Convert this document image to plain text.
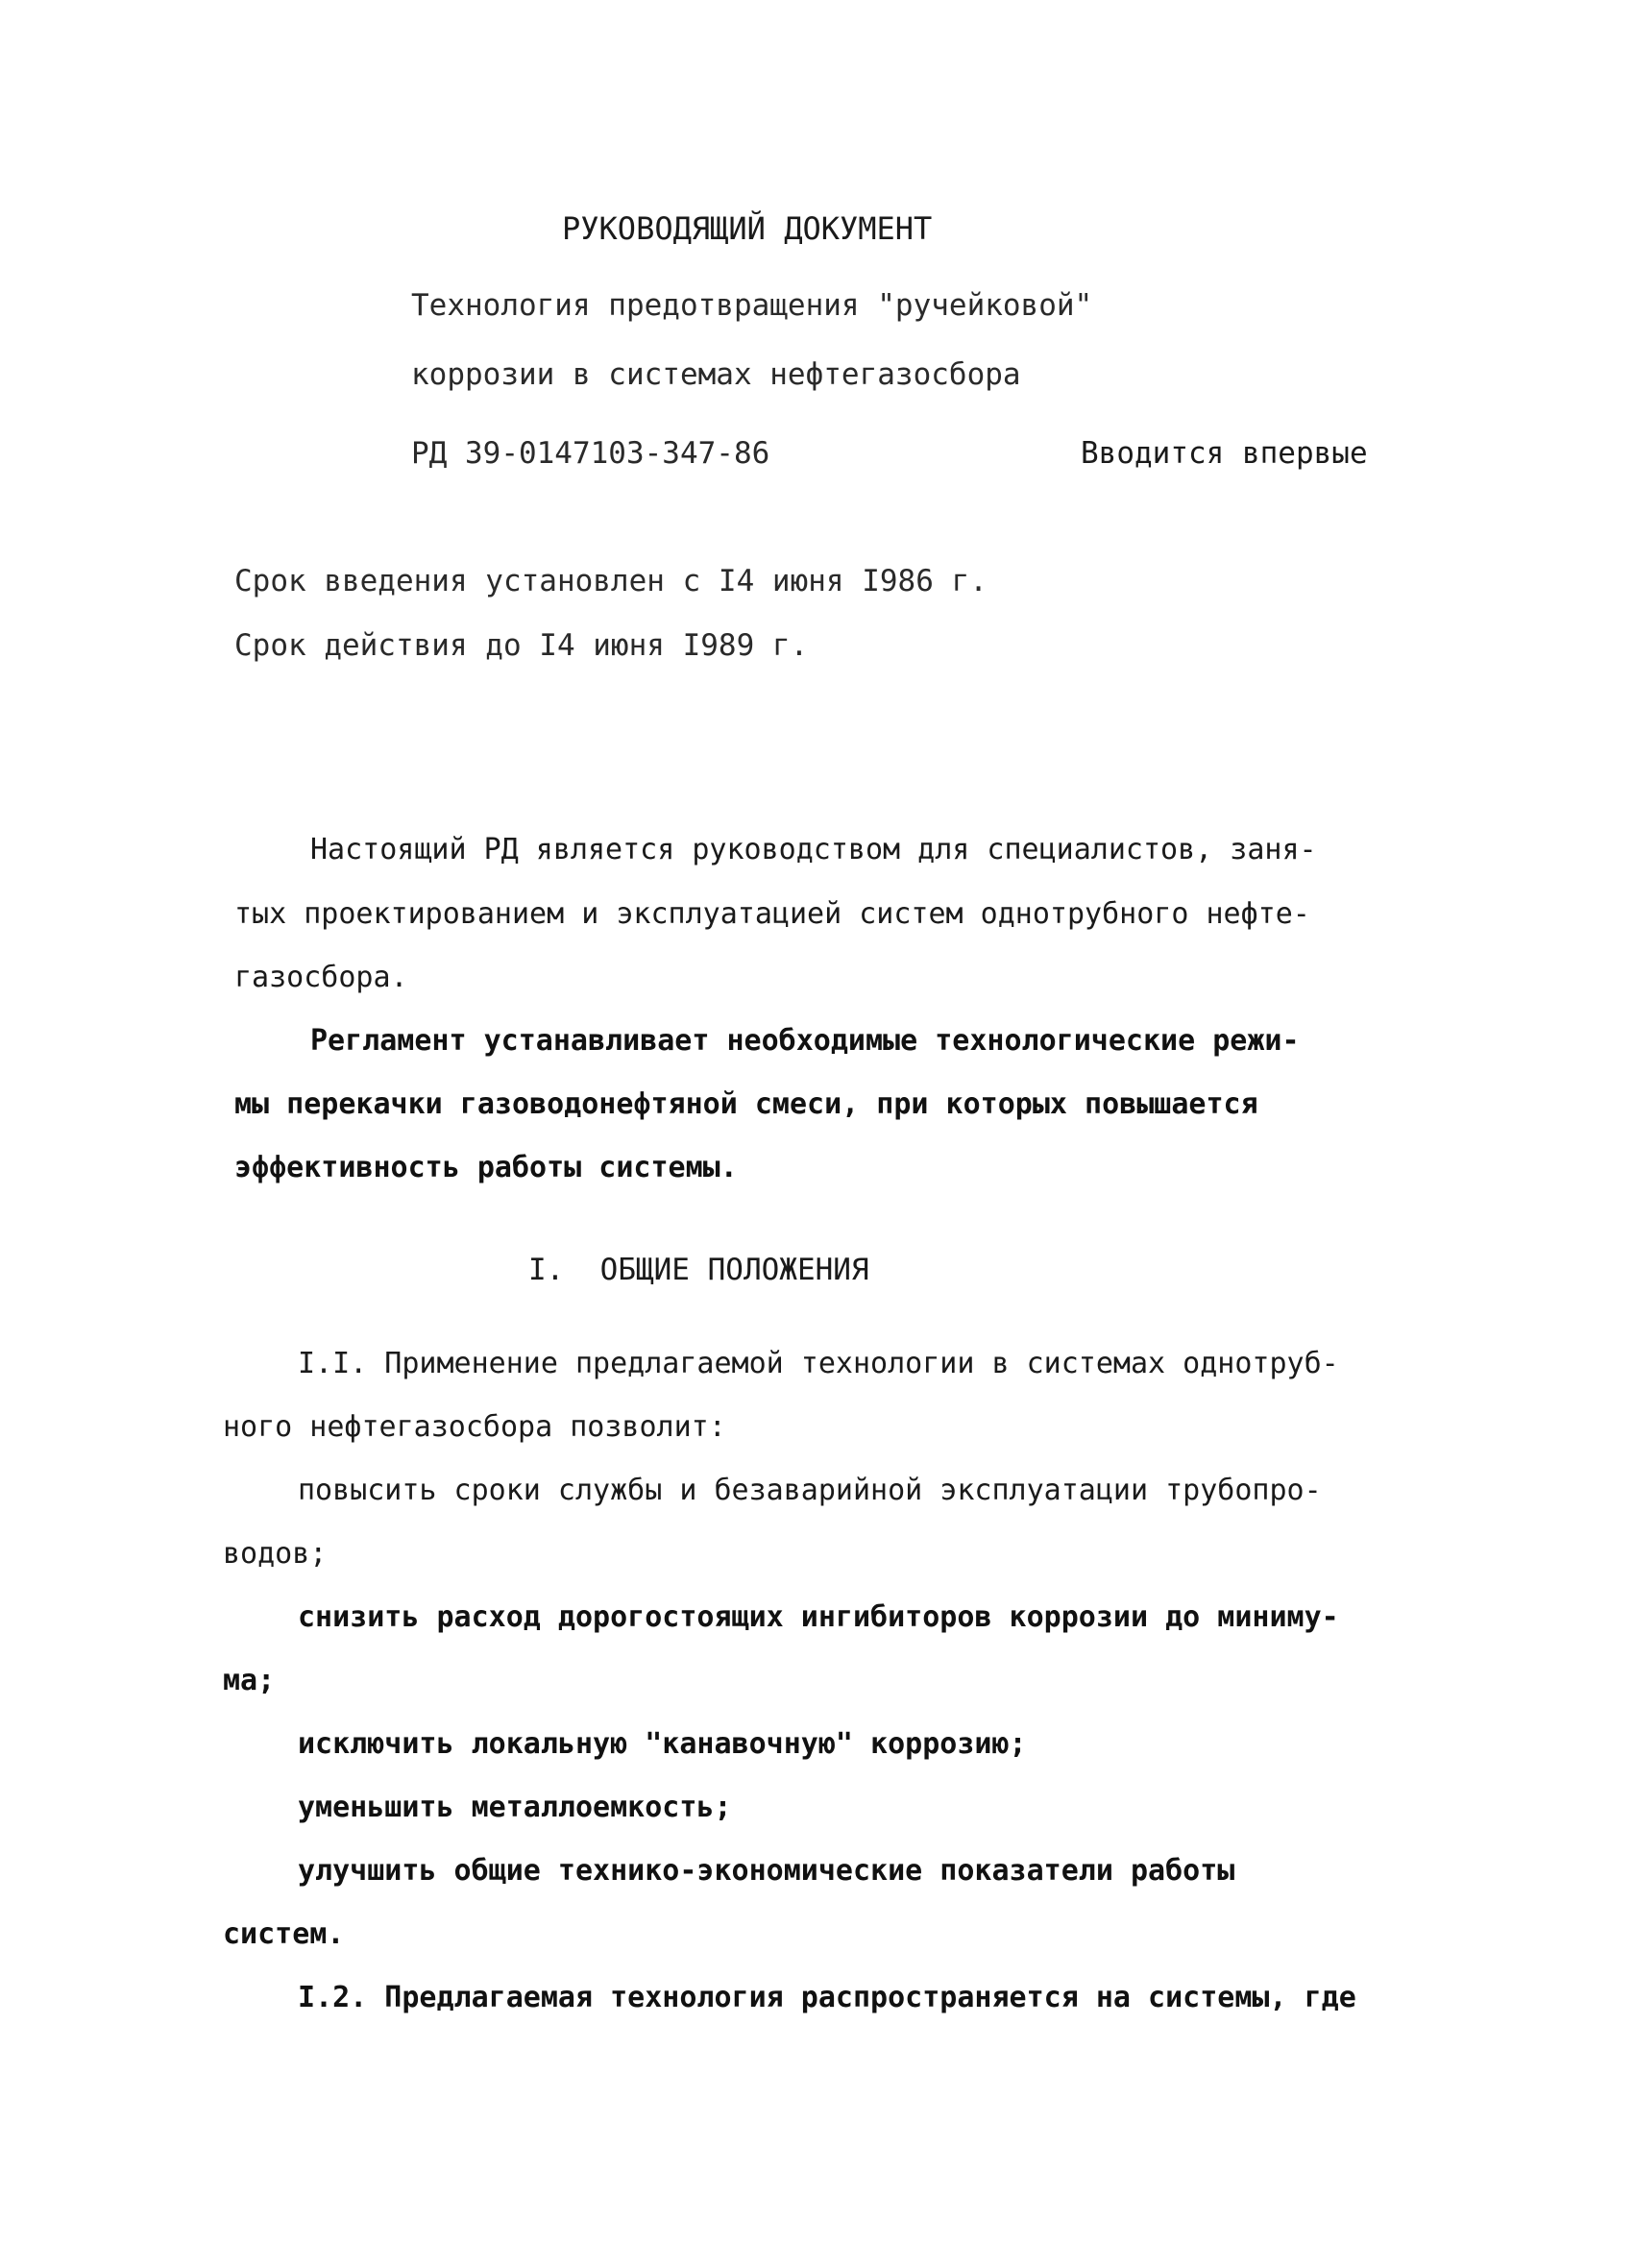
РУКОВОДЯЩИЙ ДОКУМЕНТ
Технология предотвращения "ручейковой"
коррозии в системах нефтегазосбора
РД 39-0147103-347-86	Вводится впервые
Срок введения установлен с I4 июня I986 г.
Срок действия до I4 июня I989 г.
Настоящий РД является руководством для специалистов, заня-
тых проектированием и эксплуатацией систем однотрубного нефте-
газосбора.
Регламент устанавливает необходимые технологические режи-
мы перекачки газоводонефтяной смеси, при которых повышается
эффективность работы системы.
I.  ОБЩИЕ ПОЛОЖЕНИЯ
I.I. Применение предлагаемой технологии в системах однотруб-
ного нефтегазосбора позволит:
повысить сроки службы и безаварийной эксплуатации трубопро-
водов;
снизить расход дорогостоящих ингибиторов коррозии до миниму-
ма;
исключить локальную "канавочную" коррозию;
уменьшить металлоемкость;
улучшить общие технико-экономические показатели работы
систем.
I.2. Предлагаемая технология распространяется на системы, где
